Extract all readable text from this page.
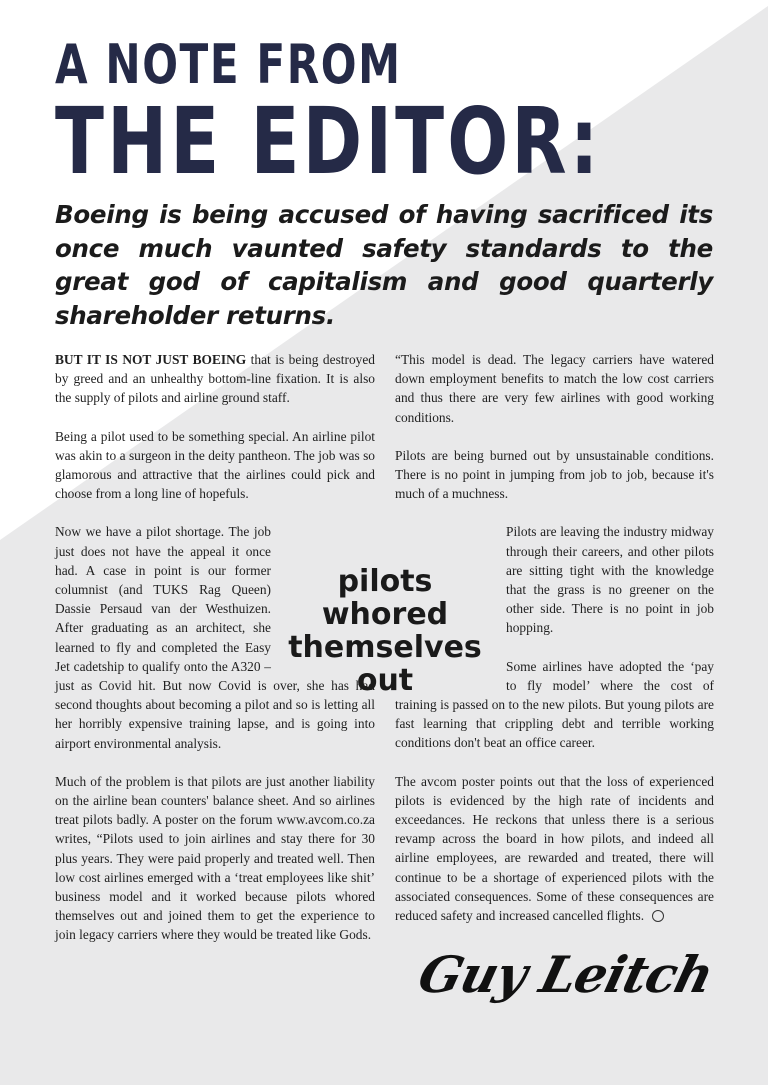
A NOTE FROM
THE EDITOR:

Boeing is being accused of having sacrificed its once much vaunted safety standards to the great god of capitalism and good quarterly shareholder returns.

BUT IT IS NOT JUST BOEING that is being destroyed by greed and an unhealthy bottom-line fixation. It is also the supply of pilots and airline ground staff.

Being a pilot used to be something special. An airline pilot was akin to a surgeon in the deity pantheon. The job was so glamorous and attractive that the airlines could pick and choose from a long line of hopefuls.

Now we have a pilot shortage. The job just does not have the appeal it once had. A case in point is our former columnist (and TUKS Rag Queen) Dassie Persaud van der Westhuizen. After graduating as an architect, she learned to fly and completed the Easy Jet cadetship to qualify onto the A320 – just as Covid hit. But now Covid is over, she has had second thoughts about becoming a pilot and so is letting all her horribly expensive training lapse, and is going into airport environmental analysis.

Much of the problem is that pilots are just another liability on the airline bean counters' balance sheet. And so airlines treat pilots badly. A poster on the forum www.avcom.co.za writes, “Pilots used to join airlines and stay there for 30 plus years. They were paid properly and treated well. Then low cost airlines emerged with a ‘treat employees like shit’ business model and it worked because pilots whored themselves out and joined them to get the experience to join legacy carriers where they would be treated like Gods.

“This model is dead. The legacy carriers have watered down employment benefits to match the low cost carriers and thus there are very few airlines with good working conditions.

Pilots are being burned out by unsustainable conditions. There is no point in jumping from job to job, because it's much of a muchness.

Pilots are leaving the industry midway through their careers, and other pilots are sitting tight with the knowledge that the grass is no greener on the other side. There is no point in job hopping.

Some airlines have adopted the ‘pay to fly model’ where the cost of training is passed on to the new pilots. But young pilots are fast learning that crippling debt and terrible working conditions don't beat an office career.

The avcom poster points out that the loss of experienced pilots is evidenced by the high rate of incidents and exceedances. He reckons that unless there is a serious revamp across the board in how pilots, and indeed all airline employees, are rewarded and treated, there will continue to be a shortage of experienced pilots with the associated consequences. Some of these consequences are reduced safety and increased cancelled flights.

pilots
whored
themselves
out
Guy Leitch
